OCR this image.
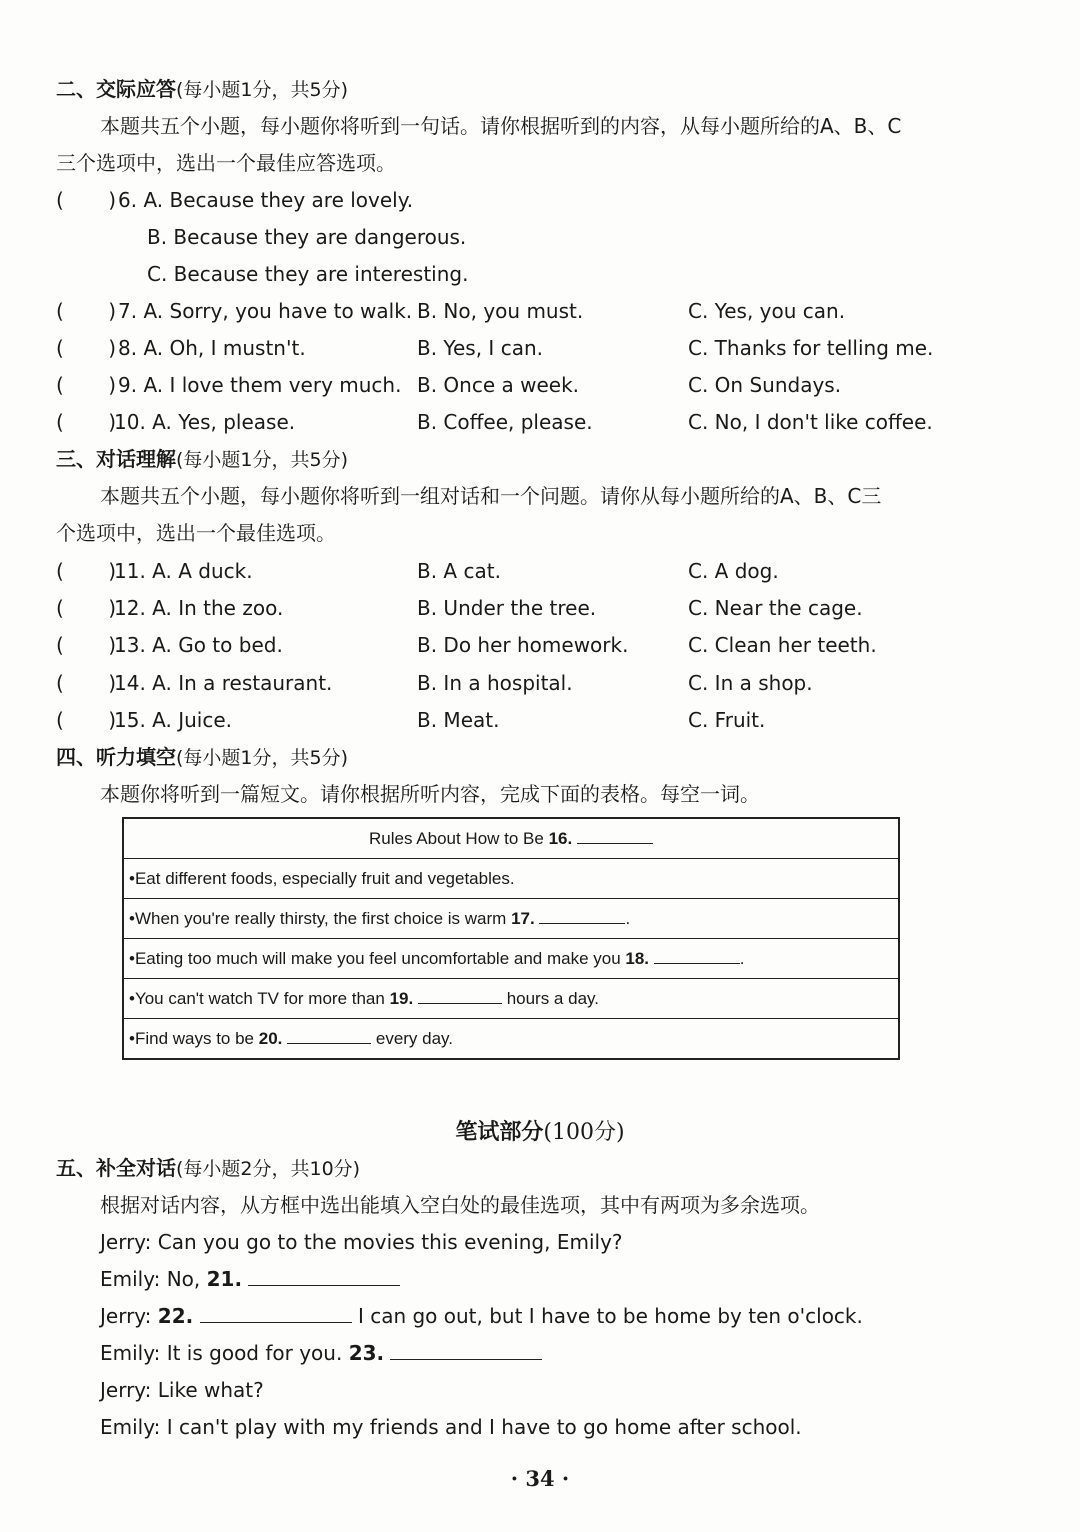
二、交际应答(每小题1分，共5分)
本题共五个小题，每小题你将听到一句话。请你根据听到的内容，从每小题所给的A、B、C
三个选项中，选出一个最佳应答选项。
(       ) 6. A. Because they are lovely.
B. Because they are dangerous.
C. Because they are interesting.
(       ) 7. A. Sorry, you have to walk. B. No, you must.	C. Yes, you can.
(       ) 8. A. Oh, I mustn't.	B. Yes, I can.	C. Thanks for telling me.
(       ) 9. A. I love them very much. B. Once a week.	C. On Sundays.
(       )
10. A. Yes, please.	B. Coffee, please.	C. No, I don't like coffee.
三、对话理解(每小题1分，共5分)
本题共五个小题，每小题你将听到一组对话和一个问题。请你从每小题所给的A、B、C三
个选项中，选出一个最佳选项。
(       )
11. A. A duck.	B. A cat.	C. A dog.
(       )
12. A. In the zoo.	B. Under the tree.	C. Near the cage.
(       )
13. A. Go to bed.	B. Do her homework.	C. Clean her teeth.
(       )
14. A. In a restaurant.	B. In a hospital.	C. In a shop.
(       )
15. A. Juice.	B. Meat.	C. Fruit.
四、听力填空(每小题1分，共5分)
本题你将听到一篇短文。请你根据所听内容，完成下面的表格。每空一词。
Rules About How to Be 16.
•Eat different foods, especially fruit and vegetables.
•When you're really thirsty, the first choice is warm 17.	.
•Eating too much will make you feel uncomfortable and make you 18.	.
•You can't watch TV for more than 19.	hours a day.
•Find ways to be 20.	every day.
笔试部分(100分)
五、补全对话(每小题2分，共10分)
根据对话内容，从方框中选出能填入空白处的最佳选项，其中有两项为多余选项。
Jerry: Can you go to the movies this evening, Emily?
Emily: No, 21.
Jerry: 22.	I can go out, but I have to be home by ten o'clock.
Emily: It is good for you. 23.
Jerry: Like what?
Emily: I can't play with my friends and I have to go home after school.
· 34 ·
